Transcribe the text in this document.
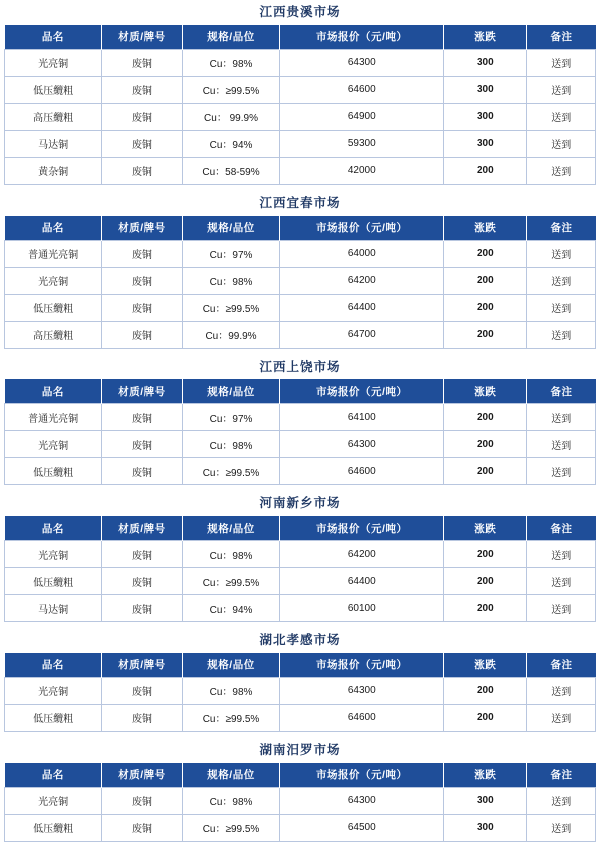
江西贵溪市场
品名	材质/牌号	规格/品位	市场报价（元/吨）	涨跌	备注
光亮铜	废铜	Cu：98%	64300	300	送到
低压纜粗	废铜	Cu：≥99.5%	64600	300	送到
高压纜粗	废铜	Cu： 99.9%	64900	300	送到
马达铜	废铜	Cu：94%	59300	300	送到
黄杂铜	废铜	Cu：58-59%	42000	200	送到
江西宜春市场
品名	材质/牌号	规格/品位	市场报价（元/吨）	涨跌	备注
普通光亮铜	废铜	Cu：97%	64000	200	送到
光亮铜	废铜	Cu：98%	64200	200	送到
低压纜粗	废铜	Cu：≥99.5%	64400	200	送到
高压纜粗	废铜	Cu：99.9%	64700	200	送到
江西上饶市场
品名	材质/牌号	规格/品位	市场报价（元/吨）	涨跌	备注
普通光亮铜	废铜	Cu：97%	64100	200	送到
光亮铜	废铜	Cu：98%	64300	200	送到
低压纜粗	废铜	Cu：≥99.5%	64600	200	送到
河南新乡市场
品名	材质/牌号	规格/品位	市场报价（元/吨）	涨跌	备注
光亮铜	废铜	Cu：98%	64200	200	送到
低压纜粗	废铜	Cu：≥99.5%	64400	200	送到
马达铜	废铜	Cu：94%	60100	200	送到
湖北孝感市场
品名	材质/牌号	规格/品位	市场报价（元/吨）	涨跌	备注
光亮铜	废铜	Cu：98%	64300	200	送到
低压纜粗	废铜	Cu：≥99.5%	64600	200	送到
湖南汨罗市场
品名	材质/牌号	规格/品位	市场报价（元/吨）	涨跌	备注
光亮铜	废铜	Cu：98%	64300	300	送到
低压纜粗	废铜	Cu：≥99.5%	64500	300	送到
